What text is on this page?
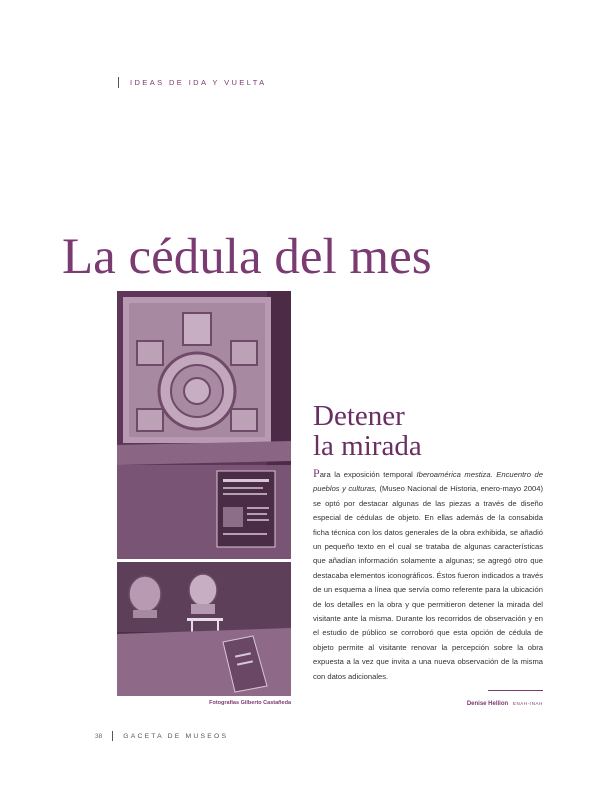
IDEAS DE IDA Y VUELTA
La cédula del mes
Fotografías Gilberto Castañeda
Detener
la mirada

Para la exposición temporal Iberoamérica mestiza. Encuentro de pueblos y culturas, (Museo Nacional de Historia, enero-mayo 2004) se optó por destacar algunas de las piezas a través de diseño especial de cédulas de objeto. En ellas además de la consabida ficha técnica con los datos generales de la obra exhibida, se añadió un pequeño texto en el cual se trataba de algunas características que añadían información solamente a algunas; se agregó otro que destacaba elementos iconográficos. Éstos fueron indicados a través de un esquema a línea que servía como referente para la ubicación de los detalles en la obra y que permitieron detener la mirada del visitante ante la misma. Durante los recorridos de observación y en el estudio de público se corroboró que esta opción de cédula de objeto permite al visitante renovar la percepción sobre la obra expuesta a la vez que invita a una nueva observación de la misma con datos adicionales.

Denise Hellion ENAH-INAH
38	GACETA DE MUSEOS
